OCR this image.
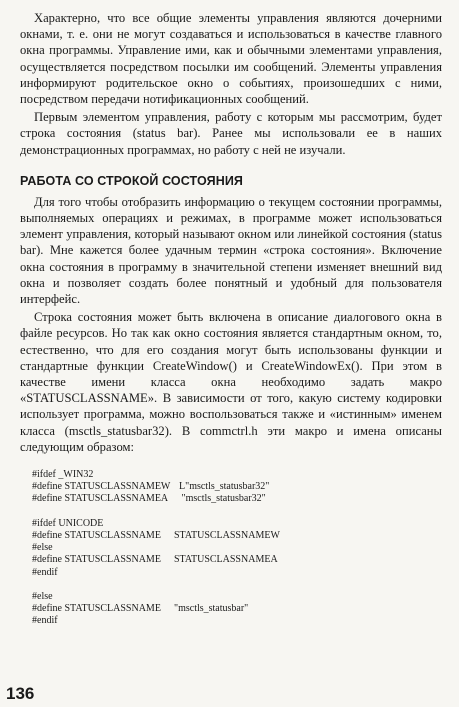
Характерно, что все общие элементы управления являются дочерними окнами, т. е. они не могут создаваться и использоваться в качестве главного окна программы. Управление ими, как и обычными элементами управления, осуществляется посредством посылки им сообщений. Элементы управления информируют родительское окно о событиях, произошедших с ними, посредством передачи нотификационных сообщений.

Первым элементом управления, работу с которым мы рассмотрим, будет строка состояния (status bar). Ранее мы использовали ее в наших демонстрационных программах, но работу с ней не изучали.

РАБОТА СО СТРОКОЙ СОСТОЯНИЯ

Для того чтобы отобразить информацию о текущем состоянии программы, выполняемых операциях и режимах, в программе может использоваться элемент управления, который называют окном или линейкой состояния (status bar). Мне кажется более удачным термин «строка состояния». Включение окна состояния в программу в значительной степени изменяет внешний вид окна и позволяет создать более понятный и удобный для пользователя интерфейс.

Строка состояния может быть включена в описание диалогового окна в файле ресурсов. Но так как окно состояния является стандартным окном, то, естественно, что для его создания могут быть использованы функции и стандартные функции CreateWindow() и CreateWindowEx(). При этом в качестве имени класса окна необходимо задать макро «STATUSCLASSNAME». В зависимости от того, какую систему кодировки использует программа, можно воспользоваться также и «истинным» именем класса (msctls_statusbar32). В commctrl.h эти макро и имена описаны следующим образом:

#ifdef _WIN32
#define STATUSCLASSNAMEW L"msctls_statusbar32"
#define STATUSCLASSNAMEA "msctls_statusbar32"
#ifdef UNICODE
#define STATUSCLASSNAME	STATUSCLASSNAMEW
#else
#define STATUSCLASSNAME	STATUSCLASSNAMEA
#endif
#else
#define STATUSCLASSNAME	"msctls_statusbar"
#endif
136
